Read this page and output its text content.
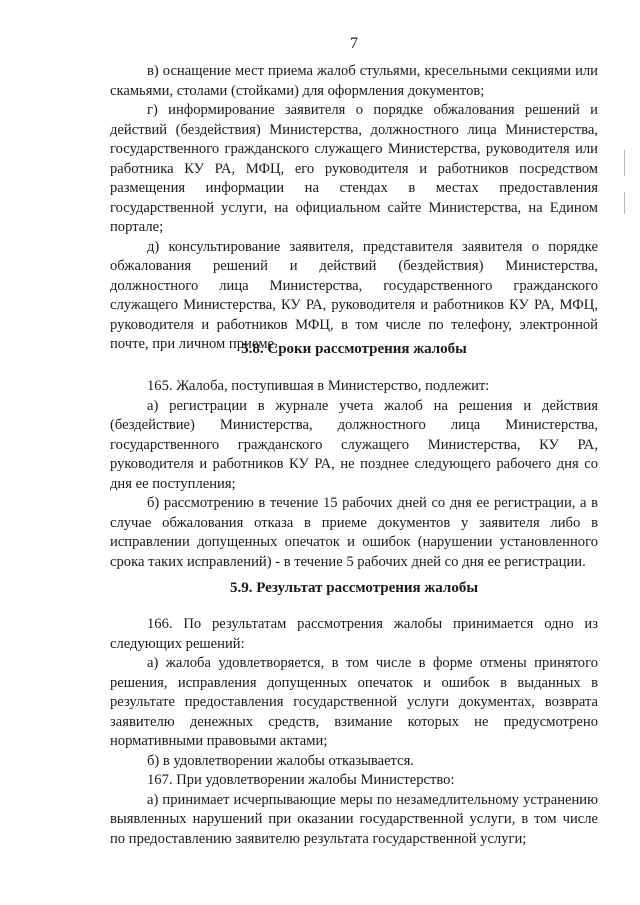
7

в) оснащение мест приема жалоб стульями, кресельными секциями или скамьями, столами (стойками) для оформления документов;

г) информирование заявителя о порядке обжалования решений и действий (бездействия) Министерства, должностного лица Министерства, государственного гражданского служащего Министерства, руководителя или работника КУ РА, МФЦ, его руководителя и работников посредством размещения информации на стендах в местах предоставления государственной услуги, на официальном сайте Министерства, на Едином портале;

д) консультирование заявителя, представителя заявителя о порядке обжалования решений и действий (бездействия) Министерства, должностного лица Министерства, государственного гражданского служащего Министерства, КУ РА, руководителя и работников КУ РА, МФЦ, руководителя и работников МФЦ, в том числе по телефону, электронной почте, при личном приеме.

5.8. Сроки рассмотрения жалобы

165. Жалоба, поступившая в Министерство, подлежит:

а) регистрации в журнале учета жалоб на решения и действия (бездействие) Министерства, должностного лица Министерства, государственного гражданского служащего Министерства, КУ РА, руководителя и работников КУ РА, не позднее следующего рабочего дня со дня ее поступления;

б) рассмотрению в течение 15 рабочих дней со дня ее регистрации, а в случае обжалования отказа в приеме документов у заявителя либо в исправлении допущенных опечаток и ошибок (нарушении установленного срока таких исправлений) - в течение 5 рабочих дней со дня ее регистрации.

5.9. Результат рассмотрения жалобы

166. По результатам рассмотрения жалобы принимается одно из следующих решений:

а) жалоба удовлетворяется, в том числе в форме отмены принятого решения, исправления допущенных опечаток и ошибок в выданных в результате предоставления государственной услуги документах, возврата заявителю денежных средств, взимание которых не предусмотрено нормативными правовыми актами;

б) в удовлетворении жалобы отказывается.

167. При удовлетворении жалобы Министерство:

а) принимает исчерпывающие меры по незамедлительному устранению выявленных нарушений при оказании государственной услуги, в том числе по предоставлению заявителю результата государственной услуги;
